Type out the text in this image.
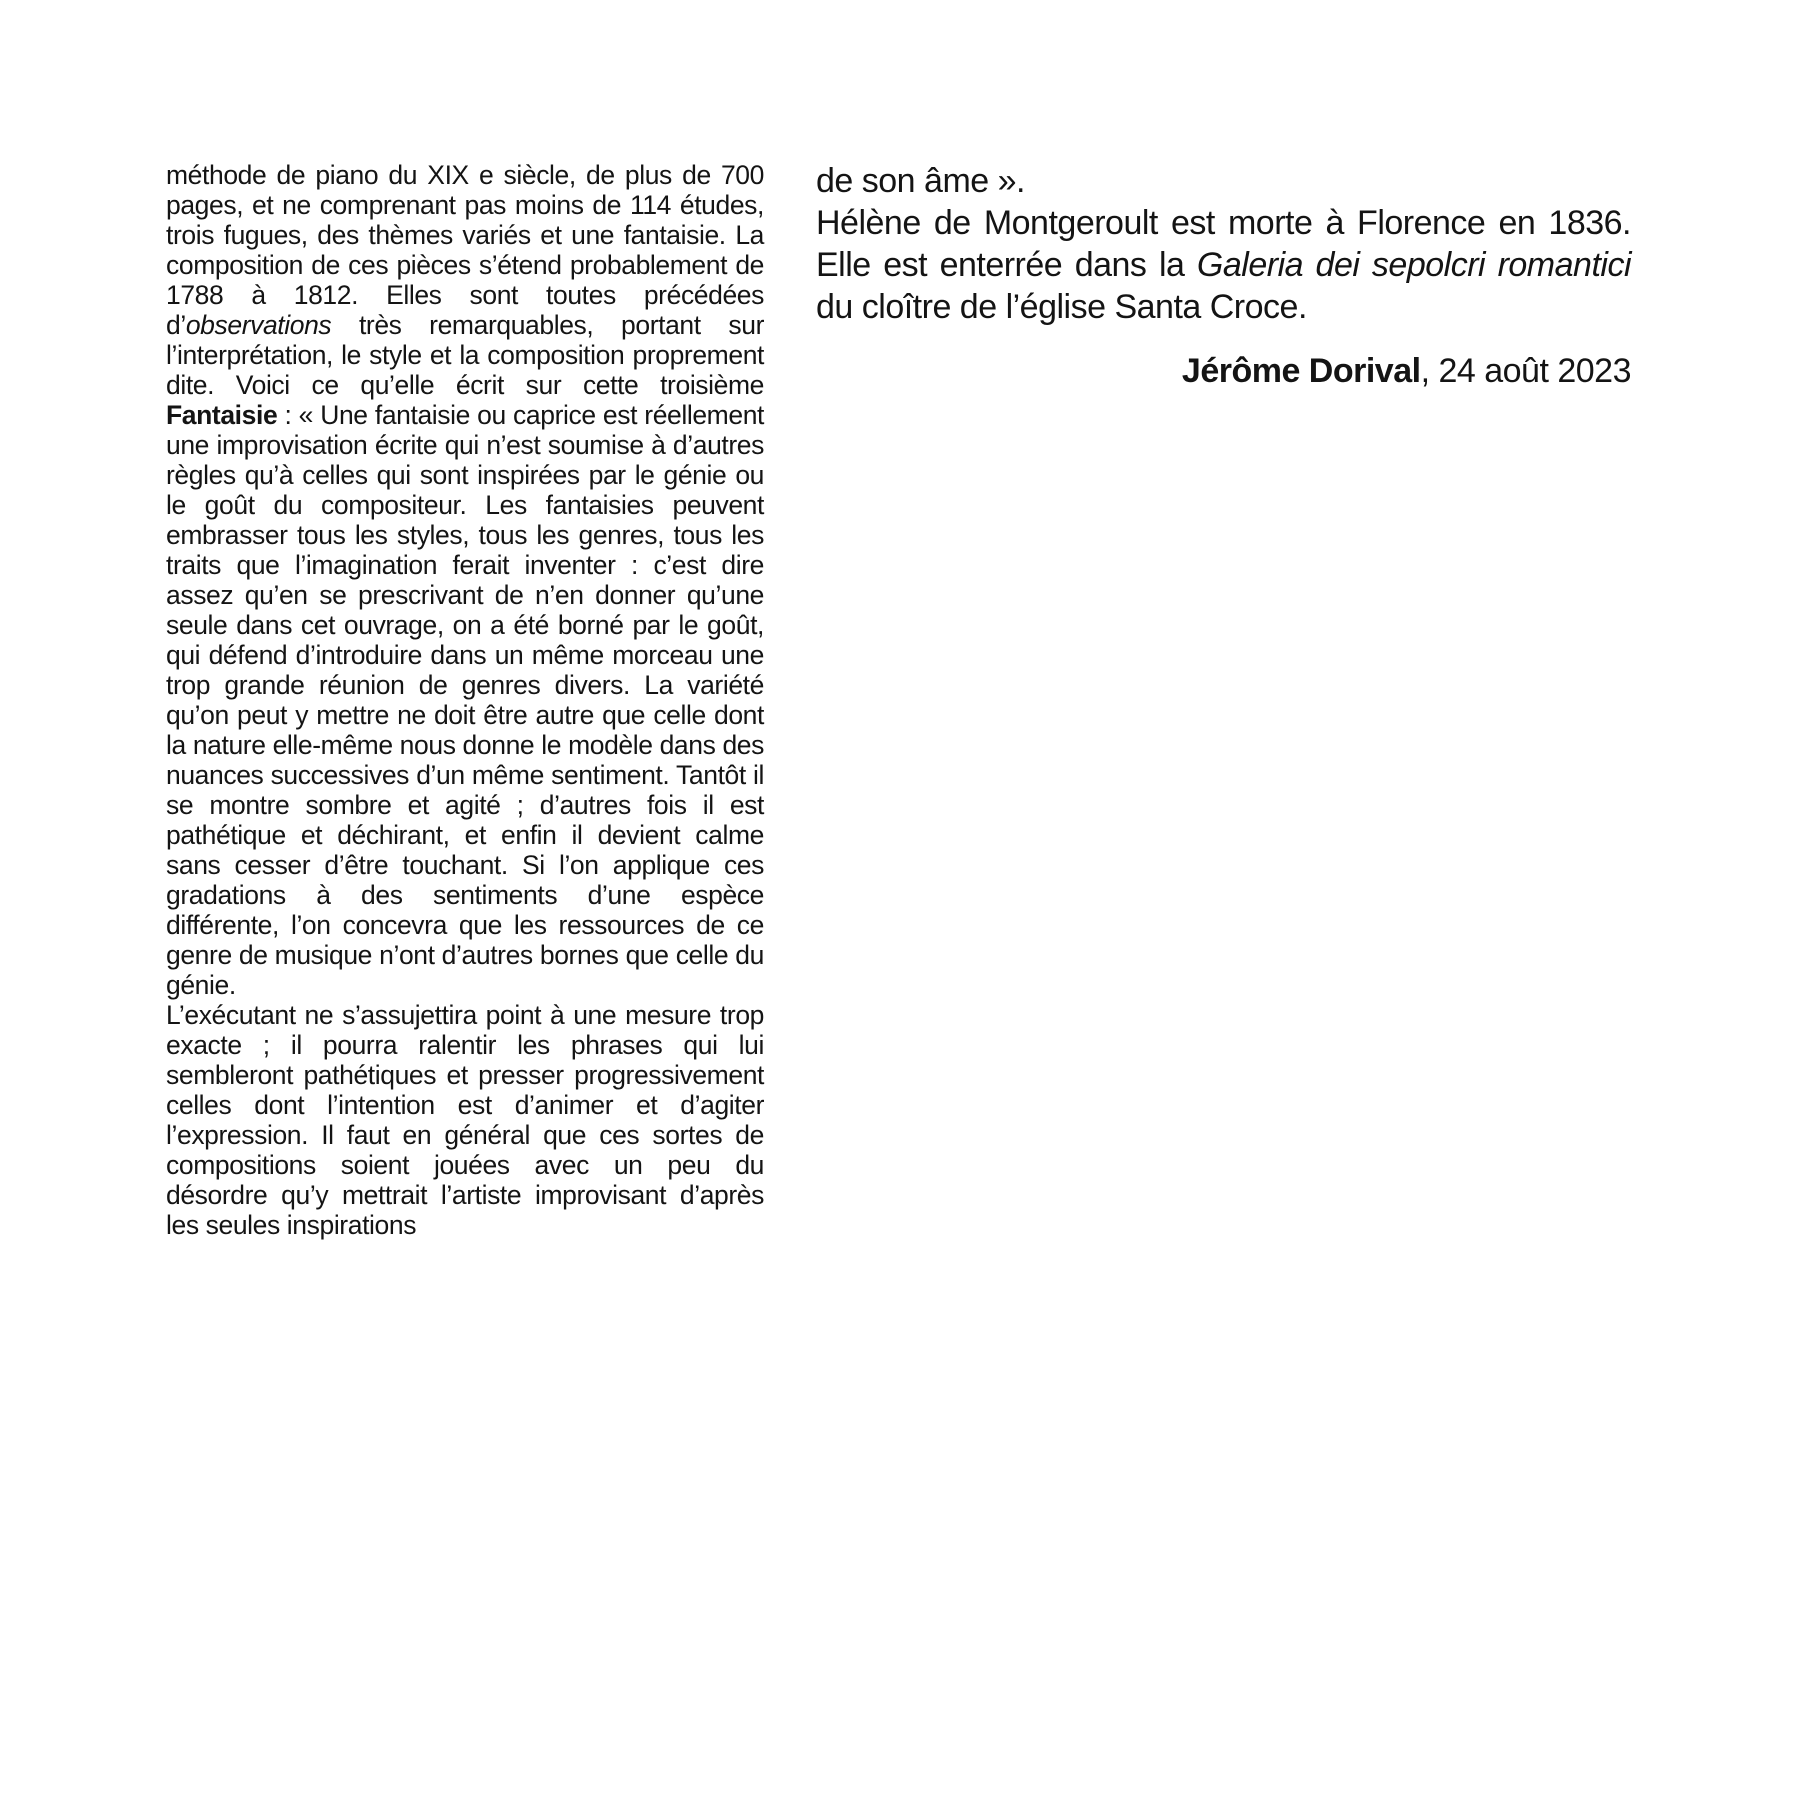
méthode de piano du XIX e siècle, de plus de 700 pages, et ne comprenant pas moins de 114 études, trois fugues, des thèmes variés et une fantaisie. La composition de ces pièces s’étend probablement de 1788 à 1812. Elles sont toutes précédées d’observations très remarquables, portant sur l’interprétation, le style et la composition proprement dite. Voici ce qu’elle écrit sur cette troisième Fantaisie : « Une fantaisie ou caprice est réellement une improvisation écrite qui n’est soumise à d’autres règles qu’à celles qui sont inspirées par le génie ou le goût du compositeur. Les fantaisies peuvent embrasser tous les styles, tous les genres, tous les traits que l’imagination ferait inventer : c’est dire assez qu’en se prescrivant de n’en donner qu’une seule dans cet ouvrage, on a été borné par le goût, qui défend d’introduire dans un même morceau une trop grande réunion de genres divers. La variété qu’on peut y mettre ne doit être autre que celle dont la nature elle-même nous donne le modèle dans des nuances successives d’un même sentiment. Tantôt il se montre sombre et agité ; d’autres fois il est pathétique et déchirant, et enfin il devient calme sans cesser d’être touchant. Si l’on applique ces gradations à des sentiments d’une espèce différente, l’on concevra que les ressources de ce genre de musique n’ont d’autres bornes que celle du génie.

L’exécutant ne s’assujettira point à une mesure trop exacte ; il pourra ralentir les phrases qui lui sembleront pathétiques et presser progressivement celles dont l’intention est d’animer et d’agiter l’expression. Il faut en général que ces sortes de compositions soient jouées avec un peu du désordre qu’y mettrait l’artiste improvisant d’après les seules inspirations

de son âme ».

Hélène de Montgeroult est morte à Florence en 1836. Elle est enterrée dans la Galeria dei sepolcri romantici du cloître de l’église Santa Croce.

Jérôme Dorival, 24 août 2023
